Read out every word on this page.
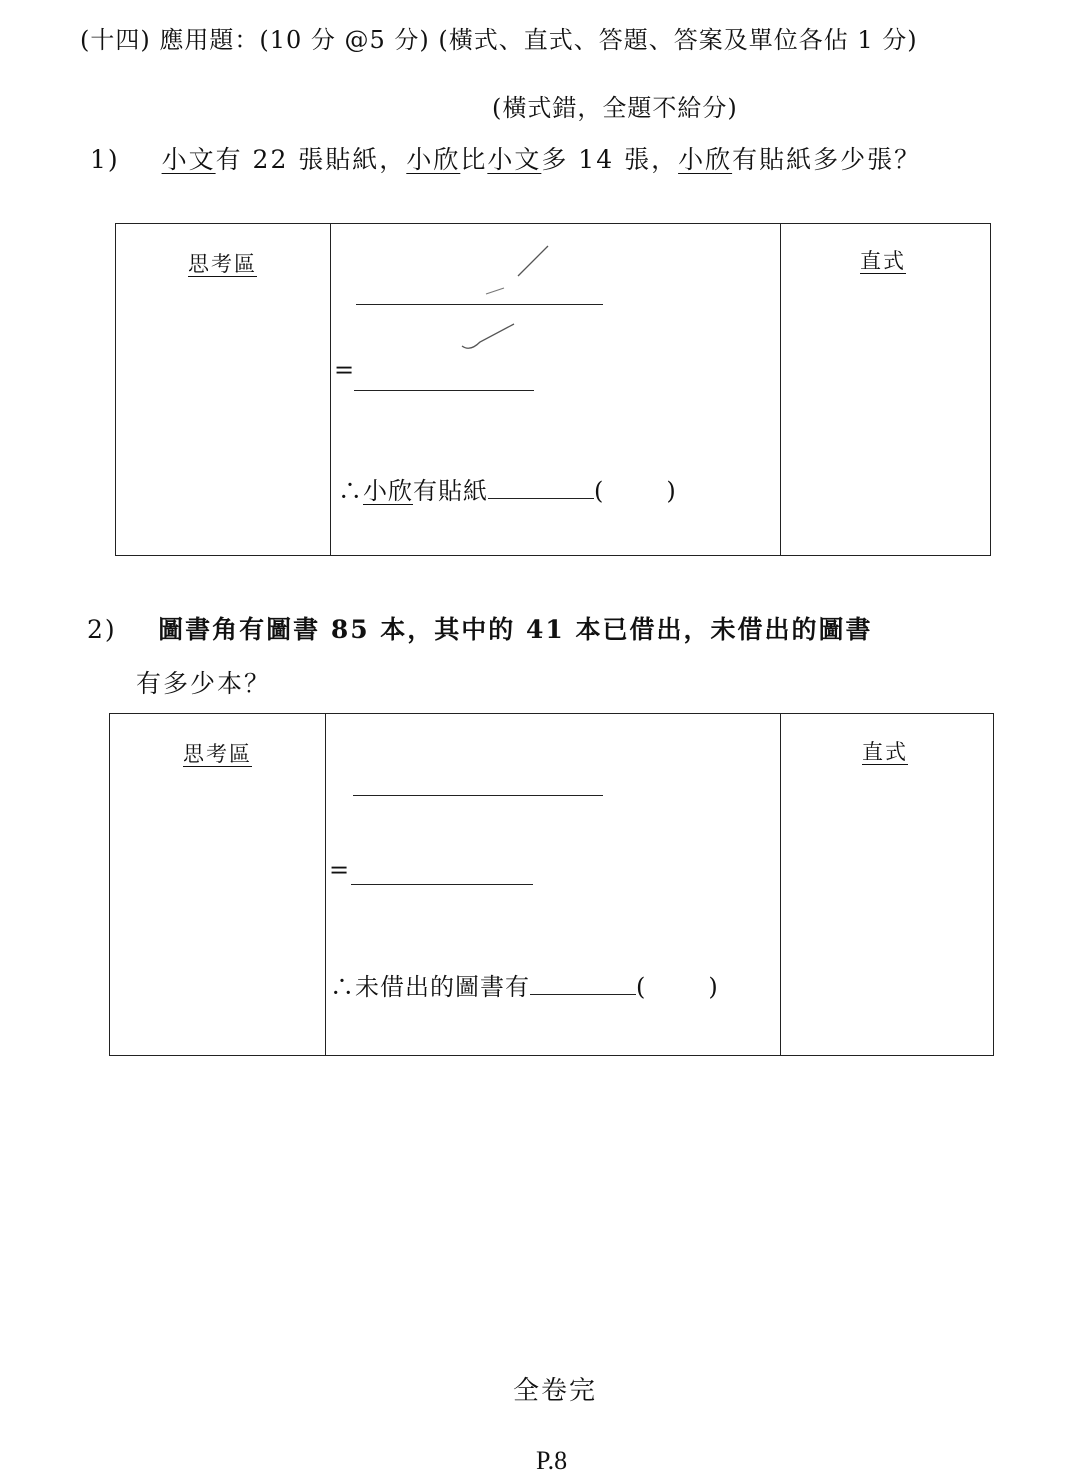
(十四) 應用題：(10 分 @5 分) (橫式、直式、答題、答案及單位各佔 1 分)
(橫式錯，全題不給分)
1) 小文有 22 張貼紙，小欣比小文多 14 張，小欣有貼紙多少張？
思考區	直式
=
∴小欣有貼紙	(	)
2) 圖書角有圖書 85 本，其中的 41 本已借出，未借出的圖書
有多少本？
思考區	直式
=
∴未借出的圖書有	(	)
全卷完
P.8
